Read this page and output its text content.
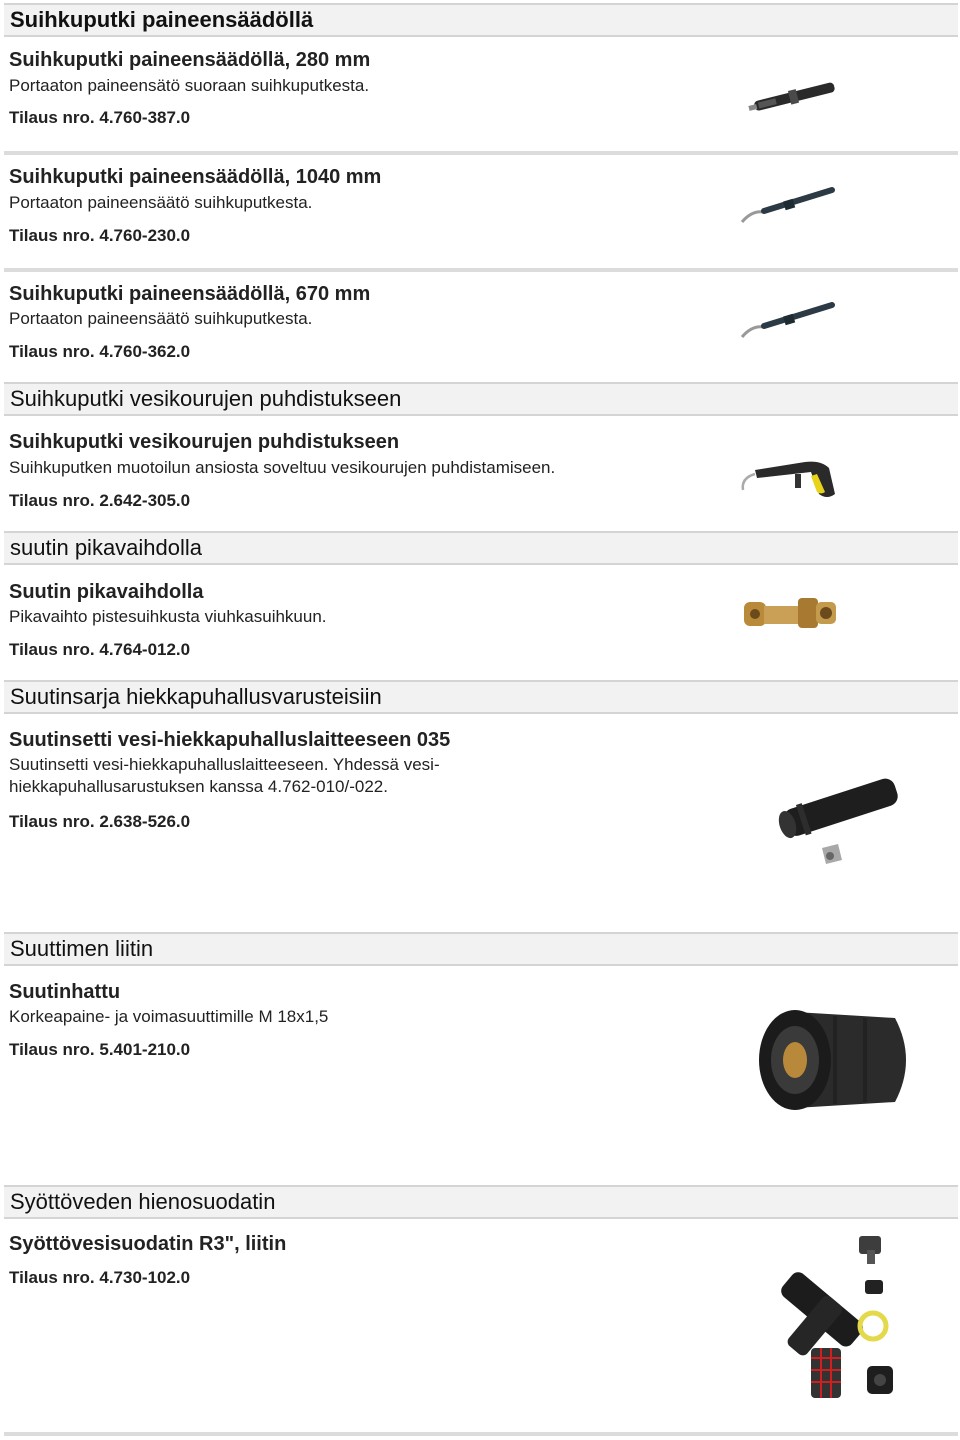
Suihkuputki paineensäädöllä
Suihkuputki paineensäädöllä, 280 mm
Portaaton paineensätö suoraan suihkuputkesta.
Tilaus nro. 4.760-387.0
Suihkuputki paineensäädöllä, 1040 mm
Portaaton paineensäätö suihkuputkesta.
Tilaus nro. 4.760-230.0
Suihkuputki paineensäädöllä, 670 mm
Portaaton paineensäätö suihkuputkesta.
Tilaus nro. 4.760-362.0
Suihkuputki vesikourujen puhdistukseen
Suihkuputki vesikourujen puhdistukseen
Suihkuputken muotoilun ansiosta soveltuu vesikourujen puhdistamiseen.
Tilaus nro. 2.642-305.0
suutin pikavaihdolla
Suutin pikavaihdolla
Pikavaihto pistesuihkusta viuhkasuihkuun.
Tilaus nro. 4.764-012.0
Suutinsarja hiekkapuhallusvarusteisiin
Suutinsetti vesi-hiekkapuhalluslaitteeseen 035
Suutinsetti vesi-hiekkapuhalluslaitteeseen. Yhdessä vesi-hiekkapuhallusarustuksen kanssa 4.762-010/-022.
Tilaus nro. 2.638-526.0
Suuttimen liitin
Suutinhattu
Korkeapaine- ja voimasuuttimille M 18x1,5
Tilaus nro. 5.401-210.0
Syöttöveden hienosuodatin
Syöttövesisuodatin R3", liitin
Tilaus nro. 4.730-102.0
